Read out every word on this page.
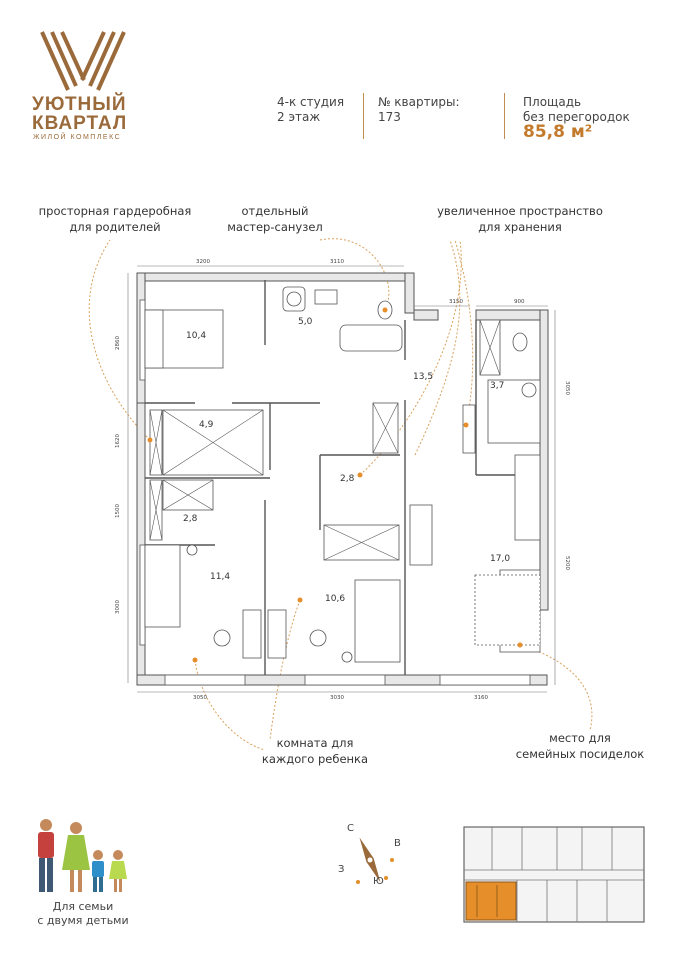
УЮТНЫЙ
КВАРТАЛ
ЖИЛОЙ КОМПЛЕКС
4-к студия
2 этаж
№ квартиры:
173
Площадь
без перегородок
85,8 м²
просторная гардеробная
для родителей
отдельный
мастер-санузел
увеличенное пространство
для хранения
комната для
каждого ребенка
место для
семейных посиделок
10,4
5,0
13,5
3,7
4,9
2,8
2,8
11,4
10,6
17,0
3200	3110
3150	900
3050	3030	3160
2860
1620
1500
3000
3050
5200
Для семьи
с двумя детьми
С
В
Ю
З
